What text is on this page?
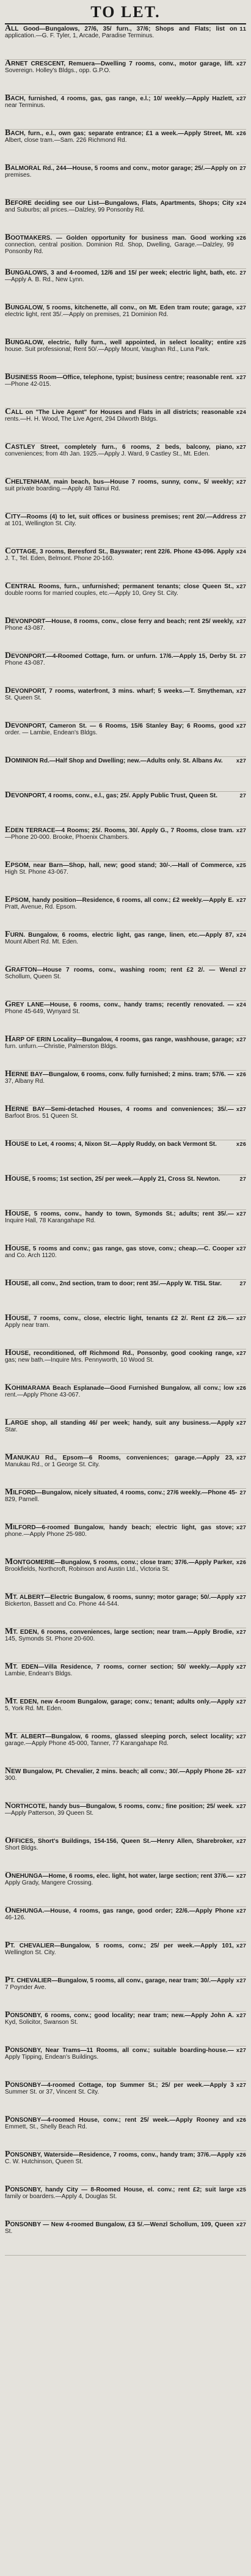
TO LET.
11
ALL Good—Bungalows, 27/6, 35/ furn., 37/6; Shops and Flats; list on application.—G. F. Tyler, 1, Arcade, Paradise Terminus.
x27
ARNET CRESCENT, Remuera—Dwelling 7 rooms, conv., motor garage, lift. Sovereign. Holley's Bldgs., opp. G.P.O.
x27
BACH, furnished, 4 rooms, gas, gas range, e.l.; 10/ weekly.—Apply Hazlett, near Terminus.
x26
BACH, furn., e.l., own gas; separate entrance; £1 a week.—Apply Street, Mt. Albert, close tram.—Sam. 226 Richmond Rd.
27
BALMORAL Rd., 244—House, 5 rooms and conv., motor garage; 25/.—Apply on premises.
x24
BEFORE deciding see our List—Bungalows, Flats, Apartments, Shops; City and Suburbs; all prices.—Dalzley, 99 Ponsonby Rd.
x26
BOOTMAKERS. — Golden opportunity for business man. Good working connection, central position. Dominion Rd. Shop, Dwelling, Garage.—Dalzley, 99 Ponsonby Rd.
27
BUNGALOWS, 3 and 4-roomed, 12/6 and 15/ per week; electric light, bath, etc.—Apply A. B. Rd., New Lynn.
x27
BUNGALOW, 5 rooms, kitchenette, all conv., on Mt. Eden tram route; garage, electric light, rent 35/.—Apply on premises, 21 Dominion Rd.
x25
BUNGALOW, electric, fully furn., well appointed, in select locality; entire house. Suit professional; Rent 50/.—Apply Mount, Vaughan Rd., Luna Park.
x27
BUSINESS Room—Office, telephone, typist; business centre; reasonable rent.—Phone 42-015.
x24
CALL on "The Live Agent" for Houses and Flats in all districts; reasonable rents.—H. H. Wood, The Live Agent, 294 Dilworth Bldgs.
x27
CASTLEY Street, completely furn., 6 rooms, 2 beds, balcony, piano, conveniences; from 4th Jan. 1925.—Apply J. Ward, 9 Castley St., Mt. Eden.
x27
CHELTENHAM, main beach, bus—House 7 rooms, sunny, conv., 5/ weekly; suit private boarding.—Apply 48 Tainui Rd.
27
CITY—Rooms (4) to let, suit offices or business premises; rent 20/.—Address at 101, Wellington St. City.
x24
COTTAGE, 3 rooms, Beresford St., Bayswater; rent 22/6. Phone 43-096. Apply J. T., Tel. Eden, Belmont. Phone 20-160.
x27
CENTRAL Rooms, furn., unfurnished; permanent tenants; close Queen St., double rooms for married couples, etc.—Apply 10, Grey St. City.
x27
DEVONPORT—House, 8 rooms, conv., close ferry and beach; rent 25/ weekly, Phone 43-087.
27
DEVONPORT.—4-Roomed Cottage, furn. or unfurn. 17/6.—Apply 15, Derby St. Phone 43-087.
x27
DEVONPORT, 7 rooms, waterfront, 3 mins. wharf; 5 weeks.—T. Smytheman, St. Queen St.
x27
DEVONPORT, Cameron St. — 6 Rooms, 15/6 Stanley Bay; 6 Rooms, good order. — Lambie, Endean's Bldgs.
x27
DOMINION Rd.—Half Shop and Dwelling; new.—Adults only. St. Albans Av.
27
DEVONPORT, 4 rooms, conv., e.l., gas; 25/. Apply Public Trust, Queen St.
x27
EDEN TERRACE—4 Rooms; 25/. Rooms, 30/. Apply G., 7 Rooms, close tram.—Phone 20-000. Brooke, Phoenix Chambers.
x25
EPSOM, near Barn—Shop, hall, new; good stand; 30/-.—Hall of Commerce, High St. Phone 43-067.
x27
EPSOM, handy position—Residence, 6 rooms, all conv.; £2 weekly.—Apply E. Pratt, Avenue, Rd. Epsom.
x24
FURN. Bungalow, 6 rooms, electric light, gas range, linen, etc.—Apply 87, Mount Albert Rd. Mt. Eden.
27
GRAFTON—House 7 rooms, conv., washing room; rent £2 2/. — Wenzl Schollum, Queen St.
x24
GREY LANE—House, 6 rooms, conv., handy trams; recently renovated. — Phone 45-649, Wynyard St.
x27
HARP OF ERIN Locality—Bungalow, 4 rooms, gas range, washhouse, garage; furn. unfurn.—Christie, Palmerston Bldgs.
x26
HERNE BAY—Bungalow, 6 rooms, conv. fully furnished; 2 mins. tram; 57/6. — 37, Albany Rd.
x27
HERNE BAY—Semi-detached Houses, 4 rooms and conveniences; 35/.—Barfoot Bros. 51 Queen St.
x26
HOUSE to Let, 4 rooms; 4, Nixon St.—Apply Ruddy, on back Vermont St.
27
HOUSE, 5 rooms; 1st section, 25/ per week.—Apply 21, Cross St. Newton.
x27
HOUSE, 5 rooms, conv., handy to town, Symonds St.; adults; rent 35/.—Inquire Hall, 78 Karangahape Rd.
x27
HOUSE, 5 rooms and conv.; gas range, gas stove, conv.; cheap.—C. Cooper and Co. Arch 1120.
27
HOUSE, all conv., 2nd section, tram to door; rent 35/.—Apply W. TISL Star.
x27
HOUSE, 7 rooms, conv., close, electric light, tenants £2 2/. Rent £2 2/6.—Apply near tram.
x27
HOUSE, reconditioned, off Richmond Rd., Ponsonby, good cooking range, gas; new bath.—Inquire Mrs. Pennyworth, 10 Wood St.
x26
KOHIMARAMA Beach Esplanade—Good Furnished Bungalow, all conv.; low rent.—Apply Phone 43-067.
x27
LARGE shop, all standing 46/ per week; handy, suit any business.—Apply Star.
x27
MANUKAU Rd., Epsom—6 Rooms, conveniences; garage.—Apply 23, Manukau Rd., or 1 George St. City.
27
MILFORD—Bungalow, nicely situated, 4 rooms, conv.; 27/6 weekly.—Phone 45-829, Parnell.
x27
MILFORD—6-roomed Bungalow, handy beach; electric light, gas stove; phone.—Apply Phone 25-980.
x26
MONTGOMERIE—Bungalow, 5 rooms, conv.; close tram; 37/6.—Apply Parker, Brookfields, Northcroft, Robinson and Austin Ltd., Victoria St.
x27
MT. ALBERT—Electric Bungalow, 6 rooms, sunny; motor garage; 50/.—Apply Bickerton, Bassett and Co. Phone 44-544.
x27
MT. EDEN, 6 rooms, conveniences, large section; near tram.—Apply Brodie, 145, Symonds St. Phone 20-600.
x27
MT. EDEN—Villa Residence, 7 rooms, corner section; 50/ weekly.—Apply Lambie, Endean's Bldgs.
x27
MT. EDEN, new 4-room Bungalow, garage; conv.; tenant; adults only.—Apply 5, York Rd. Mt. Eden.
x27
MT. ALBERT—Bungalow, 6 rooms, glassed sleeping porch, select locality; garage.—Apply Phone 45-000, Tanner, 77 Karangahape Rd.
x27
NEW Bungalow, Pt. Chevalier, 2 mins. beach; all conv.; 30/.—Apply Phone 26-300.
x27
NORTHCOTE, handy bus—Bungalow, 5 rooms, conv.; fine position; 25/ week.—Apply Patterson, 39 Queen St.
x27
OFFICES, Short's Buildings, 154-156, Queen St.—Henry Allen, Sharebroker, Short Bldgs.
x27
ONEHUNGA—Home, 6 rooms, elec. light, hot water, large section; rent 37/6.—Apply Grady, Mangere Crossing.
x27
ONEHUNGA.—House, 4 rooms, gas range, good order; 22/6.—Apply Phone 46-126.
x27
PT. CHEVALIER—Bungalow, 5 rooms, conv.; 25/ per week.—Apply 101, Wellington St. City.
x27
PT. CHEVALIER—Bungalow, 5 rooms, all conv., garage, near tram; 30/.—Apply 7 Poynder Ave.
x27
PONSONBY, 6 rooms, conv.; good locality; near tram; new.—Apply John A. Kyd, Solicitor, Swanson St.
x27
PONSONBY, Near Trams—11 Rooms, all conv.; suitable boarding-house.—Apply Tipping, Endean's Buildings.
x27
PONSONBY—4-roomed Cottage, top Summer St.; 25/ per week.—Apply 3 Summer St. or 37, Vincent St. City.
x26
PONSONBY—4-roomed House, conv.; rent 25/ week.—Apply Rooney and Emmett, St., Shelly Beach Rd.
x26
PONSONBY, Waterside—Residence, 7 rooms, conv., handy tram; 37/6.—Apply C. W. Hutchinson, Queen St.
x25
PONSONBY, handy City — 8-Roomed House, el. conv.; rent £2; suit large family or boarders.—Apply 4, Douglas St.
x27
PONSONBY — New 4-roomed Bungalow, £3 5/.—Wenzl Schollum, 109, Queen St.
